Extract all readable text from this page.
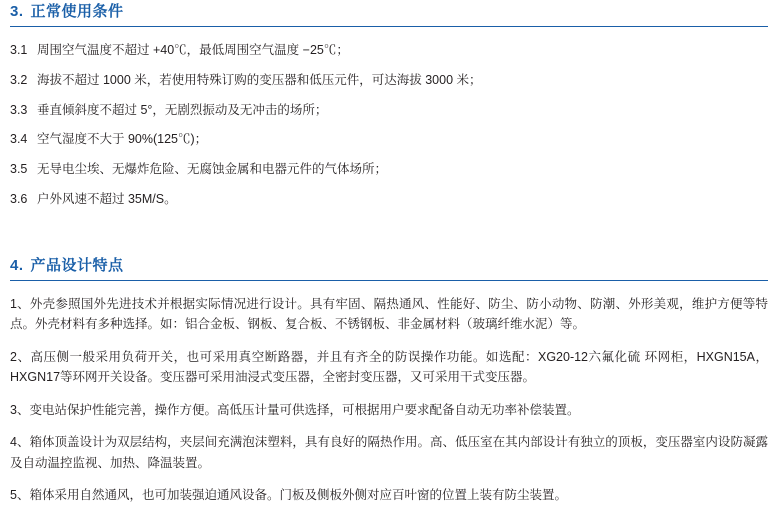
3. 正常使用条件
3.1 周围空气温度不超过 +40℃，最低周围空气温度 −25℃；
3.2 海拔不超过 1000 米，若使用特殊订购的变压器和低压元件，可达海拔 3000 米；
3.3 垂直倾斜度不超过 5°，无剧烈振动及无冲击的场所；
3.4 空气湿度不大于 90%(125℃)；
3.5 无导电尘埃、无爆炸危险、无腐蚀金属和电器元件的气体场所；
3.6 户外风速不超过 35M/S。
4. 产品设计特点

1、外壳参照国外先进技术并根据实际情况进行设计。具有牢固、隔热通风、性能好、防尘、防小动物、防潮、外形美观，维护方便等特点。外壳材料有多种选择。如：铝合金板、钢板、复合板、不锈钢板、非金属材料（玻璃纤维水泥）等。

2、高压侧一般采用负荷开关，也可采用真空断路器，并且有齐全的防误操作功能。如选配：XG20-12六氟化硫 环网柜，HXGN15A，HXGN17等环网开关设备。变压器可采用油浸式变压器，全密封变压器，又可采用干式变压器。

3、变电站保护性能完善，操作方便。高低压计量可供选择，可根据用户要求配备自动无功率补偿装置。

4、箱体顶盖设计为双层结构，夹层间充满泡沫塑料，具有良好的隔热作用。高、低压室在其内部设计有独立的顶板，变压器室内设防凝露及自动温控监视、加热、降温装置。

5、箱体采用自然通风，也可加装强迫通风设备。门板及侧板外侧对应百叶窗的位置上装有防尘装置。
